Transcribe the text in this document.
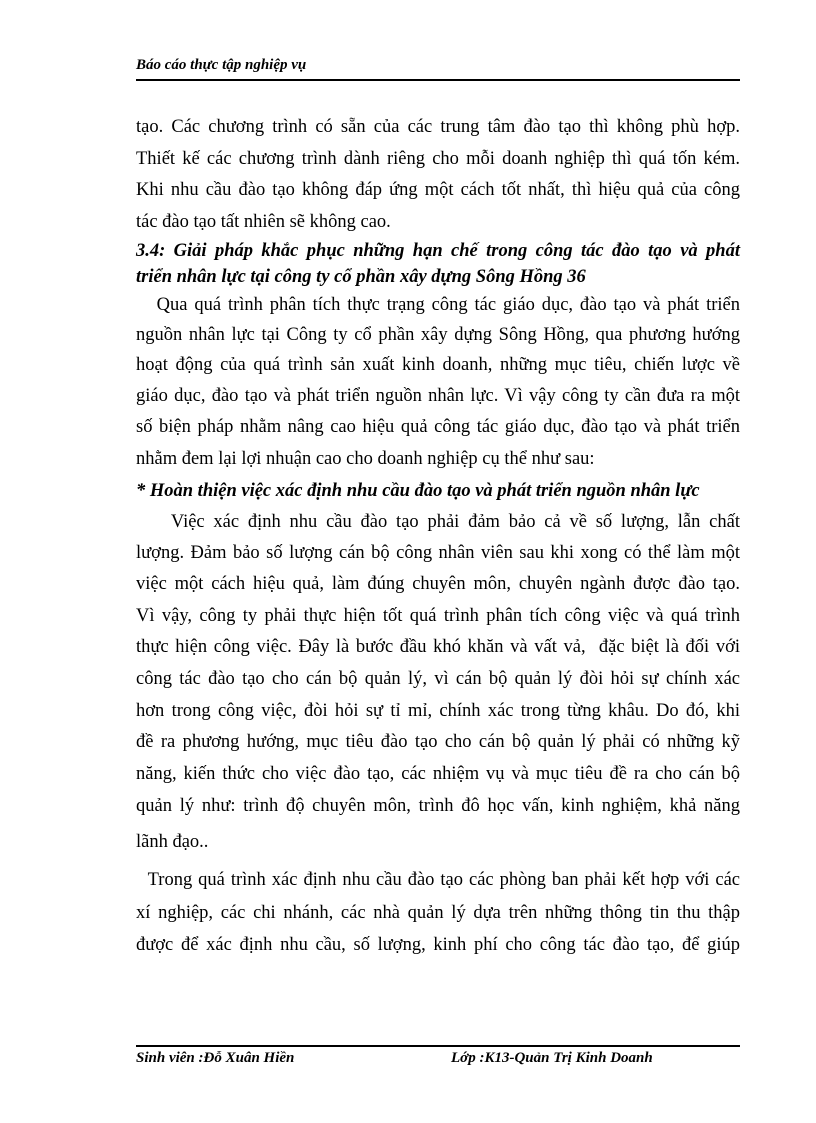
Báo cáo thực tập nghiệp vụ
tạo. Các chương trình có sẵn của các trung tâm đào tạo thì không phù hợp.
Thiết kế các chương trình dành riêng cho mỗi doanh nghiệp thì quá tốn kém.
Khi nhu cầu đào tạo không đáp ứng một cách tốt nhất, thì hiệu quả của công
tác đào tạo tất nhiên sẽ không cao.
3.4: Giải pháp khắc phục những hạn chế trong công tác đào tạo và phát
triển nhân lực tại công ty cổ phần xây dựng Sông Hồng 36
Qua quá trình phân tích thực trạng công tác giáo dục, đào tạo và phát triển
nguồn nhân lực tại Công ty cổ phần xây dựng Sông Hồng, qua phương hướng
hoạt động của quá trình sản xuất kinh doanh, những mục tiêu, chiến lược về
giáo dục, đào tạo và phát triển nguồn nhân lực. Vì vậy công ty cần đưa ra một
số biện pháp nhằm nâng cao hiệu quả công tác giáo dục, đào tạo và phát triển
nhằm đem lại lợi nhuận cao cho doanh nghiệp cụ thể như sau:
* Hoàn thiện việc xác định nhu cầu đào tạo và phát triển nguồn nhân lực
Việc xác định nhu cầu đào tạo phải đảm bảo cả về số lượng, lẫn chất
lượng. Đảm bảo số lượng cán bộ công nhân viên sau khi xong có thể làm một
việc một cách hiệu quả, làm đúng chuyên môn, chuyên ngành được đào tạo.
Vì vậy, công ty phải thực hiện tốt quá trình phân tích công việc và quá trình
thực hiện công việc. Đây là bước đầu khó khăn và vất vả,  đặc biệt là đối với
công tác đào tạo cho cán bộ quản lý, vì cán bộ quản lý đòi hỏi sự chính xác
hơn trong công việc, đòi hỏi sự tỉ mỉ, chính xác trong từng khâu. Do đó, khi
đề ra phương hướng, mục tiêu đào tạo cho cán bộ quản lý phải có những kỹ
năng, kiến thức cho việc đào tạo, các nhiệm vụ và mục tiêu đề ra cho cán bộ
quản lý như: trình độ chuyên môn, trình đô học vấn, kinh nghiệm, khả năng
lãnh đạo..
Trong quá trình xác định nhu cầu đào tạo các phòng ban phải kết hợp với các
xí nghiệp, các chi nhánh, các nhà quản lý dựa trên những thông tin thu thập
được để xác định nhu cầu, số lượng, kinh phí cho công tác đào tạo, để giúp
Sinh viên :Đỗ Xuân Hiền	Lớp :K13-Quản Trị Kinh Doanh
